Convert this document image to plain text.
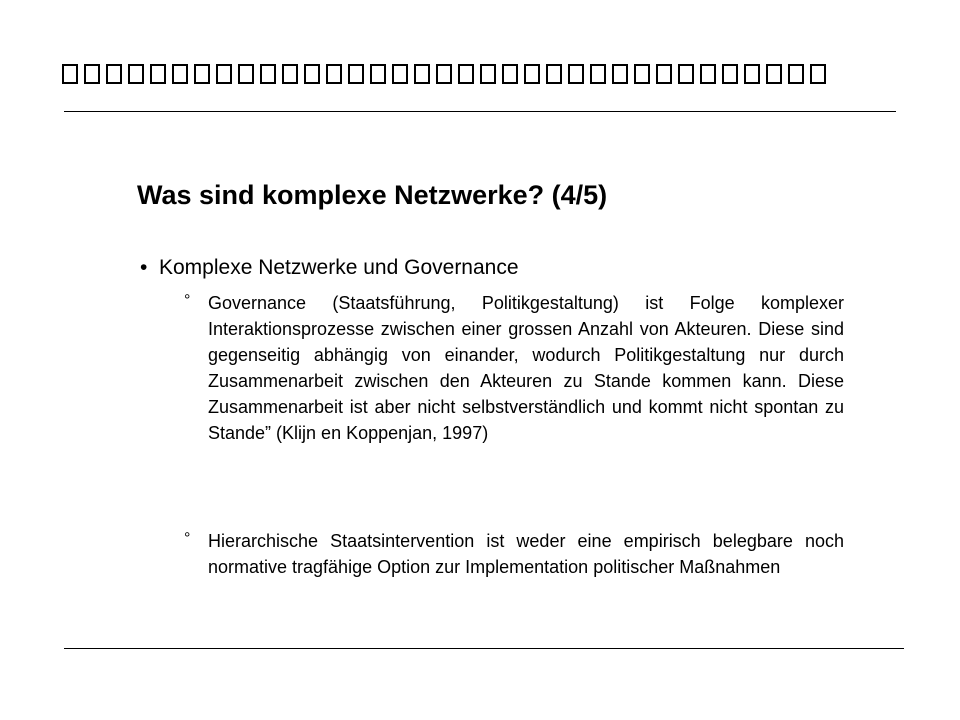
Was sind komplexe Netzwerke? (4/5)
• Komplexe Netzwerke und Governance
° Governance (Staatsführung, Politikgestaltung) ist Folge komplexer Interaktionsprozesse zwischen einer grossen Anzahl von Akteuren. Diese sind gegenseitig abhängig von einander, wodurch Politikgestaltung nur durch Zusammenarbeit zwischen den Akteuren zu Stande kommen kann. Diese Zusammenarbeit ist aber nicht selbstverständlich und kommt nicht spontan zu Stande” (Klijn en Koppenjan, 1997)
° Hierarchische Staatsintervention ist weder eine empirisch belegbare noch normative tragfähige Option zur Implementation politischer Maßnahmen
